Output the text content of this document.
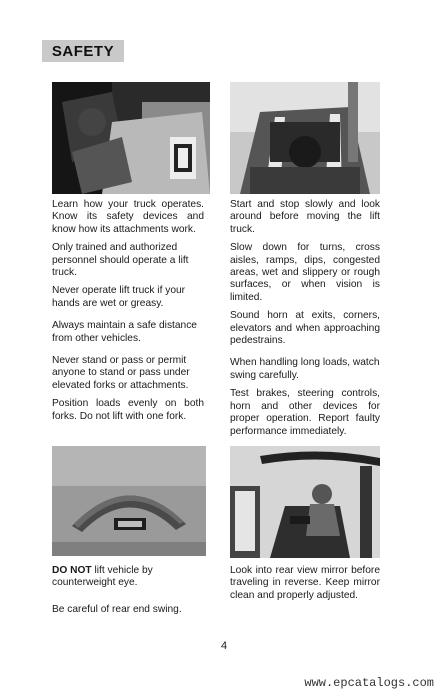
SAFETY

Learn how your truck operates. Know its safety devices and know how its attachments work.

Only trained and authorized personnel should operate a lift truck.

Never operate lift truck if your hands are wet or greasy.

Always maintain a safe distance from other vehicles.

Never stand or pass or permit anyone to stand or pass under elevated forks or attachments.

Position loads evenly on both forks. Do not lift with one fork.

Start and stop slowly and look around before moving the lift truck.

Slow down for turns, cross aisles, ramps, dips, congested areas, wet and slippery or rough surfaces, or when vision is limited.

Sound horn at exits, corners, elevators and when approaching pedestrains.

When handling long loads, watch swing carefully.

Test brakes, steering controls, horn and other devices for proper operation. Report faulty performance immediately.

DO NOT lift vehicle by counterweight eye.

Be careful of rear end swing.

Look into rear view mirror before traveling in reverse. Keep mirror clean and properly adjusted.

4
www.epcatalogs.com
